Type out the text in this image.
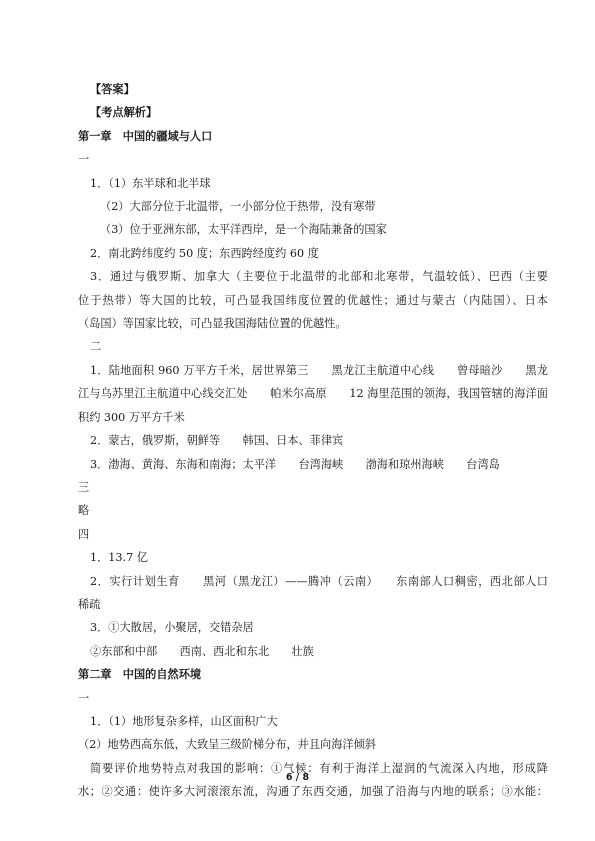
【答案】
【考点解析】
第一章　中国的疆域与人口
一
1．（1）东半球和北半球
（2）大部分位于北温带，一小部分位于热带，没有寒带
（3）位于亚洲东部，太平洋西岸，是一个海陆兼备的国家
2．南北跨纬度约 50 度；东西跨经度约 60 度
3．通过与俄罗斯、加拿大（主要位于北温带的北部和北寒带，气温较低）、巴西（主要
位于热带）等大国的比较，可凸显我国纬度位置的优越性；通过与蒙古（内陆国）、日本
（岛国）等国家比较，可凸显我国海陆位置的优越性。
二
1．陆地面积 960 万平方千米，居世界第三　　黑龙江主航道中心线　　曾母暗沙　　黑龙
江与乌苏里江主航道中心线交汇处　　帕米尔高原　　12 海里范围的领海，我国管辖的海洋面
积约 300 万平方千米
2．蒙古，俄罗斯，朝鲜等　　韩国、日本、菲律宾
3．渤海、黄海、东海和南海；太平洋　　台湾海峡　　渤海和琼州海峡　　台湾岛
三
略
四
1．13.7 亿
2．实行计划生育　　黑河（黑龙江）——腾冲（云南）　　东南部人口稠密，西北部人口
稀疏
3．①大散居，小聚居，交错杂居
②东部和中部　　西南、西北和东北　　壮族
第二章　中国的自然环境
一
1．（1）地形复杂多样，山区面积广大
（2）地势西高东低，大致呈三级阶梯分布，并且向海洋倾斜
简要评价地势特点对我国的影响：①气候：有利于海洋上湿润的气流深入内地，形成降
水；②交通：使许多大河滚滚东流，沟通了东西交通，加强了沿海与内地的联系；③水能：
6 / 8
